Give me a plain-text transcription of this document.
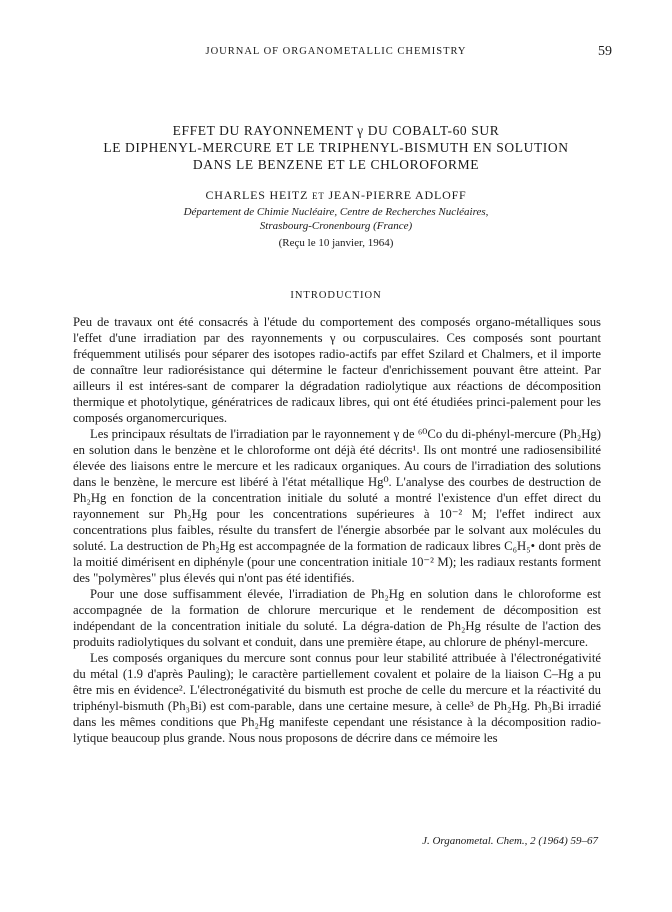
JOURNAL OF ORGANOMETALLIC CHEMISTRY	59
EFFET DU RAYONNEMENT γ DU COBALT-60 SUR
LE DIPHENYL-MERCURE ET LE TRIPHENYL-BISMUTH EN SOLUTION
DANS LE BENZENE ET LE CHLOROFORME
CHARLES HEITZ ET JEAN-PIERRE ADLOFF
Département de Chimie Nucléaire, Centre de Recherches Nucléaires,
Strasbourg-Cronenbourg (France)
(Reçu le 10 janvier, 1964)
INTRODUCTION

Peu de travaux ont été consacrés à l'étude du comportement des composés organo-métalliques sous l'effet d'une irradiation par des rayonnements γ ou corpusculaires. Ces composés sont pourtant fréquemment utilisés pour séparer des isotopes radio-actifs par effet Szilard et Chalmers, et il importe de connaître leur radiorésistance qui détermine le facteur d'enrichissement pouvant être atteint. Par ailleurs il est intéres-sant de comparer la dégradation radiolytique aux réactions de décomposition thermique et photolytique, génératrices de radicaux libres, qui ont été étudiées princi-palement pour les composés organomercuriques.

Les principaux résultats de l'irradiation par le rayonnement γ de ⁶⁰Co du di-phényl-mercure (Ph₂Hg) en solution dans le benzène et le chloroforme ont déjà été décrits¹. Ils ont montré une radiosensibilité élevée des liaisons entre le mercure et les radicaux organiques. Au cours de l'irradiation des solutions dans le benzène, le mercure est libéré à l'état métallique Hg⁰. L'analyse des courbes de destruction de Ph₂Hg en fonction de la concentration initiale du soluté a montré l'existence d'un effet direct du rayonnement sur Ph₂Hg pour les concentrations supérieures à 10⁻² M; l'effet indirect aux concentrations plus faibles, résulte du transfert de l'énergie absorbée par le solvant aux molécules du soluté. La destruction de Ph₂Hg est accompagnée de la formation de radicaux libres C₆H₅• dont près de la moitié dimérisent en diphényle (pour une concentration initiale 10⁻² M); les radiaux restants forment des "polymères" plus élevés qui n'ont pas été identifiés.

Pour une dose suffisamment élevée, l'irradiation de Ph₂Hg en solution dans le chloroforme est accompagnée de la formation de chlorure mercurique et le rendement de décomposition est indépendant de la concentration initiale du soluté. La dégra-dation de Ph₂Hg résulte de l'action des produits radiolytiques du solvant et conduit, dans une première étape, au chlorure de phényl-mercure.

Les composés organiques du mercure sont connus pour leur stabilité attribuée à l'électronégativité du métal (1.9 d'après Pauling); le caractère partiellement covalent et polaire de la liaison C–Hg a pu être mis en évidence². L'électronégativité du bismuth est proche de celle du mercure et la réactivité du triphényl-bismuth (Ph₃Bi) est com-parable, dans une certaine mesure, à celle³ de Ph₂Hg. Ph₃Bi irradié dans les mêmes conditions que Ph₂Hg manifeste cependant une résistance à la décomposition radio-lytique beaucoup plus grande. Nous nous proposons de décrire dans ce mémoire les

J. Organometal. Chem., 2 (1964) 59–67
